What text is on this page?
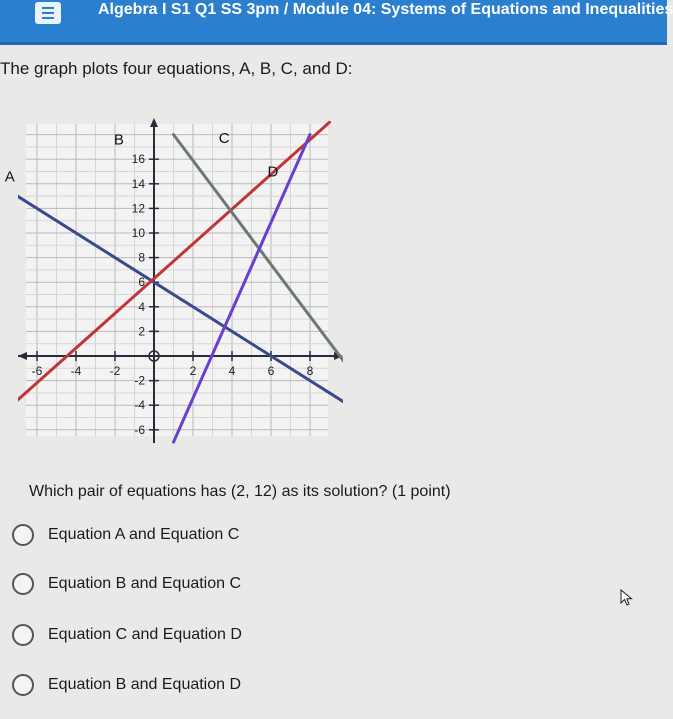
Algebra I S1 Q1 SS 3pm / Module 04: Systems of Equations and Inequalities
The graph plots four equations, A, B, C, and D:
-6 -4 -2	2	4	6	8
16
14
12
10
8
6
4
2
-2
-4
-6
A
B	C
D
Which pair of equations has (2, 12) as its solution? (1 point)
Equation A and Equation C
Equation B and Equation C
Equation C and Equation D
Equation B and Equation D
